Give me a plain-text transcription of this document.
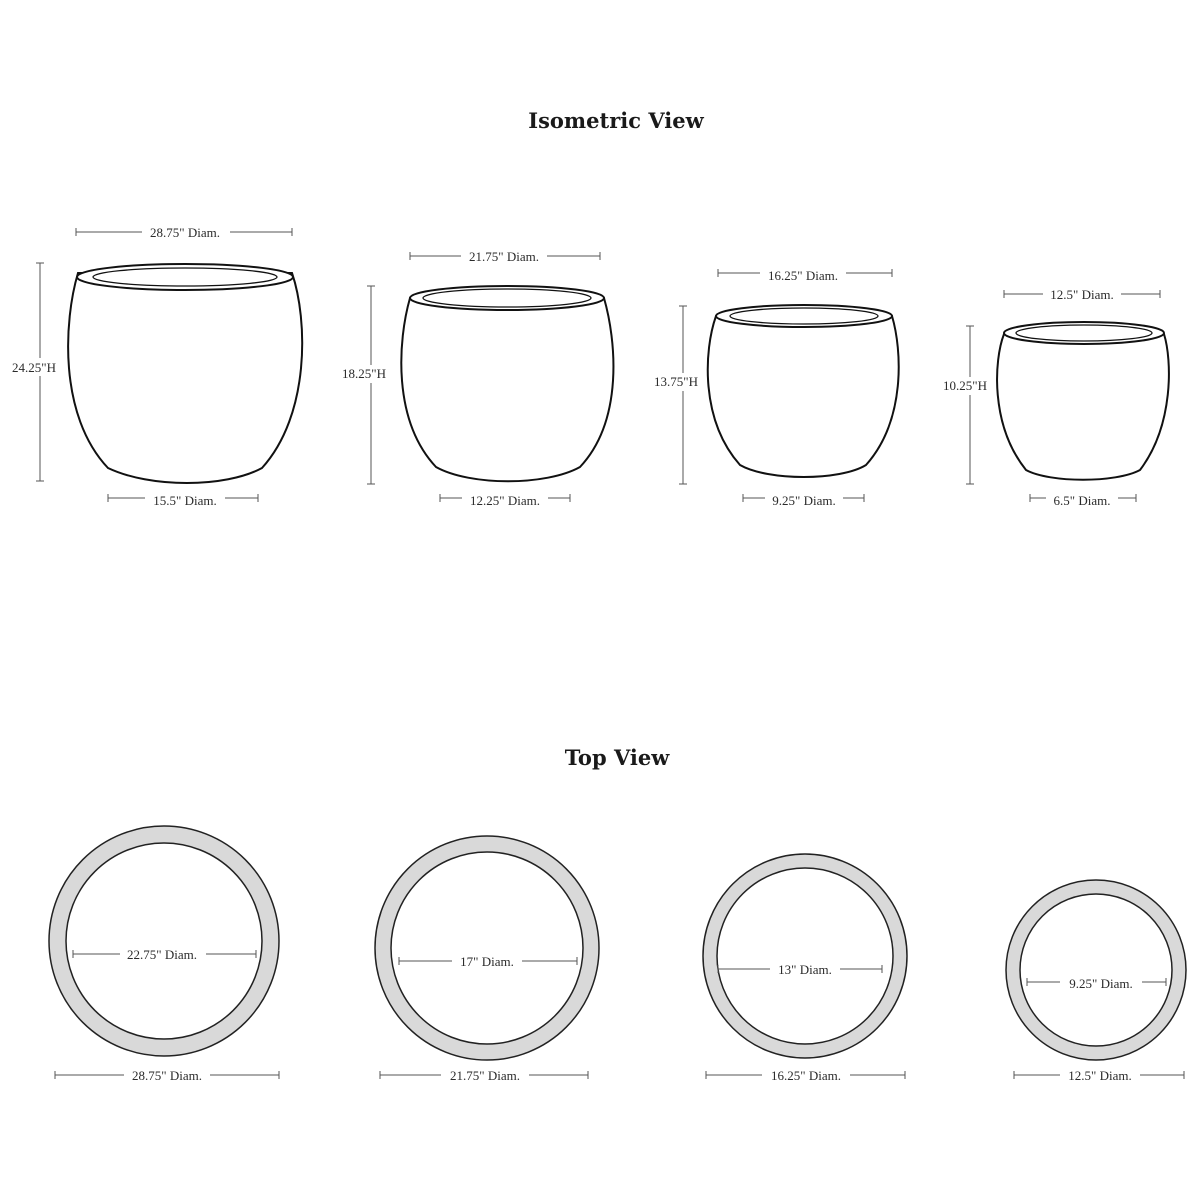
Isometric View
28.75" Diam.
24.25"H
15.5" Diam.
21.75" Diam.
18.25"H
12.25" Diam.
16.25" Diam.
13.75"H
9.25" Diam.
12.5" Diam.
10.25"H
6.5" Diam.
Top View
22.75" Diam.
28.75" Diam.
17" Diam.
21.75" Diam.
13" Diam.
16.25" Diam.
9.25" Diam.
12.5" Diam.
